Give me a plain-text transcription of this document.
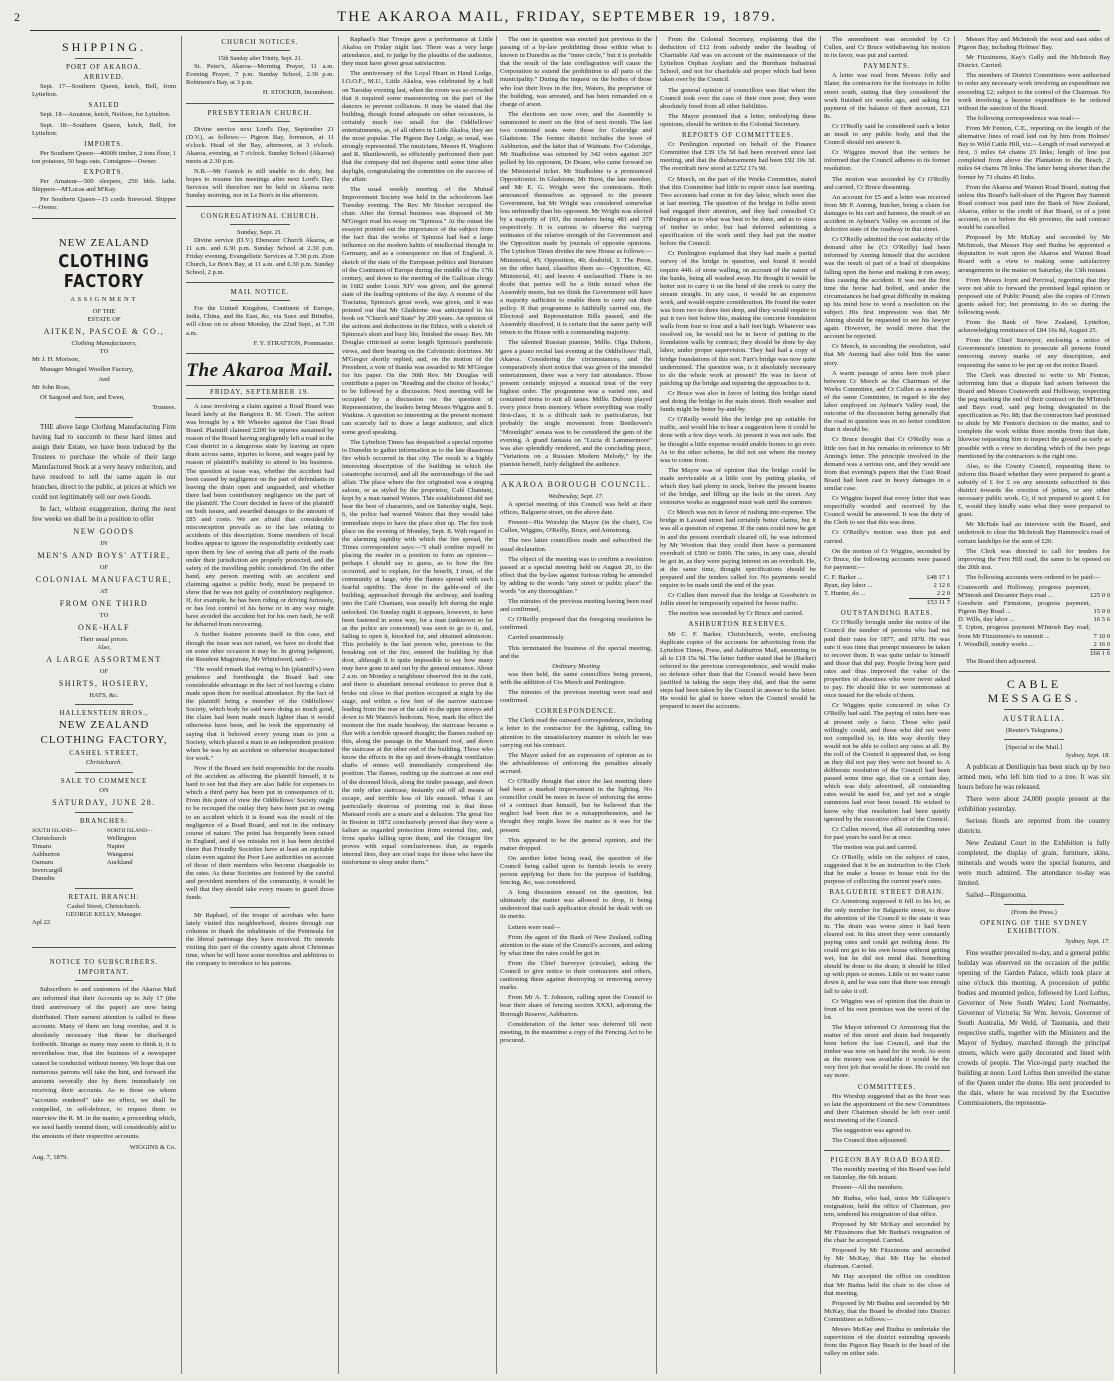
2	THE AKAROA MAIL, FRIDAY, SEPTEMBER 19, 1879.
SHIPPING.
PORT OF AKAROA.
ARRIVED.

Sept. 17—Southern Queen, ketch, Bell, from Lyttelton.

SAILED

Sept. 18—Amateur, ketch, Neilson, for Lyttelton.

Sept. 18—Southern Queen, ketch, Bell, for Lyttelton.

IMPORTS.

Per Southern Queen—4000ft timber, 2 tons flour, 1 ton potatoes, 50 bags oats. Consignee—Owner.

EXPORTS.

Per Amateur—500 sleepers, 250 bbls. laths. Shippers—M'Lucas and M'Kay.

Per Southern Queen—15 cords firewood. Shipper—Owner.

NEW ZEALAND
CLOTHING FACTORY
ASSIGNMENT
OF THE
ESTATE OF
AITKEN, PASCOE & CO.,
Clothing Manufacturers,
TO

Mr J. H. Morison,

Manager Mosgiel Woollen Factory,

And

Mr John Ross,

Of Sargood and Son, and Ewen,

Trustees.

THE above large Clothing Manufacturing Firm having had to succumb to these hard times and assign their Estate, we have been induced by the Trustees to purchase the whole of their large Manufactured Stock at a very heavy reduction, and have resolved to sell the same again in our branches, direct to the public, at prices at which we could not legitimately sell our own Goods.

In fact, without exaggeration, during the next few weeks we shall be in a position to offer

NEW GOODS
IN
MEN'S AND BOYS' ATTIRE,
OF
COLONIAL MANUFACTURE,
AT
FROM ONE THIRD
TO
ONE-HALF
Their usual prices.
Also,
A LARGE ASSORTMENT
OF
SHIRTS, HOSIERY,
HATS, &c.
HALLENSTEIN BROS.,
NEW ZEALAND
CLOTHING FACTORY,
CASHEL STREET,
Christchurch.
SALE TO COMMENCE
ON
SATURDAY, JUNE 28.
BRANCHES:
SOUTH ISLAND—
Christchurch
Timaru
Ashburton
Oamaru
Invercargill
Dunedin
NORTH ISLAND—
Wellington
Napier
Wanganui
Auckland
RETAIL BRANCH:
Cashel Street, Christchurch.
GEORGE KELLY, Manager.

Apl 22

NOTICE TO SUBSCRIBERS.
IMPORTANT.

Subscribers to and customers of the Akaroa Mail are informed that their Accounts up to July 17 (the third anniversary of the paper) are now being distributed. Their earnest attention is called to these accounts. Many of them are long overdue, and it is absolutely necessary that these be discharged forthwith. Strange as many may seem to think it, it is nevertheless true, that the business of a newspaper cannot be conducted without money. We hope that our numerous patrons will take the hint, and forward the amounts severally due by them immediately on receiving their accounts. As to those on whom "accounts rendered" take no effect, we shall be compelled, in self-defence, to request them to interview the R. M. in the matter, a proceeding which, we need hardly remind them, will considerably add to the amounts of their respective accounts.

WIGGINS & Co.

Aug. 7, 1879.

CHURCH NOTICES.
15th Sunday after Trinity, Sept. 21.

St. Peter's, Akaroa—Morning Prayer, 11 a.m. Evening Prayer, 7 p.m. Sunday School, 2.30 p.m. Robinson's Bay, at 3 p.m.

H. STOCKER, Incumbent.

PRESBYTERIAN CHURCH.

Divine service next Lord's Day, September 21 (D.V.), as follows:— Pigeon Bay, forenoon, at 11 o'clock. Head of the Bay, afternoon, at 3 o'clock. Akaroa, evening, at 7 o'clock. Sunday School (Akaroa) meets at 2.30 p.m.

N.B.—Mr Gunick is still unable to do duty, but hopes to resume his meetings after next Lord's Day. Services will therefore not be held in Akaroa next Sunday morning, nor in Le Bon's in the afternoon.

CONGREGATIONAL CHURCH.
Sunday, Sept. 21.

Divine service (D.V.) Ebenezer Church Akaroa, at 11 a.m. and 6.30 p.m. Sunday School at 2.30 p.m. Friday evening, Evangelistic Services at 7.30 p.m. Zion Church, Le Bon's Bay, at 11 a.m. and 6.30 p.m. Sunday School, 2 p.m.

MAIL NOTICE.

For the United Kingdom, Continent of Europe, India, China, and the East, &c, via Suez and Brindisi, will close on or about Monday, the 22nd Sept., at 7.30 a.m.

F. Y. STRATTON, Postmaster.

The Akaroa Mail.
FRIDAY, SEPTEMBER 19.

A case involving a claim against a Road Board was heard lately at the Rangiora R. M. Court. The action was brought by a Mr Wheeler against the Cust Road Board. Plaintiff claimed £200 for injuries sustained by reason of the Board having negligently left a road in the Cust district in a dangerous state by leaving an open drain across same, injuries to horse, and wages paid by reason of plaintiff's inability to attend to his business. The question at issue was, whether the accident had been caused by negligence on the part of defendants in leaving the drain open and unguarded, and whether there had been contributory negligence on the part of the plaintiff. The Court decided in favor of the plaintiff on both issues, and awarded damages to the amount of £85 and costs. We are afraid that considerable misconception prevails as to the law relating to accidents of this description. Some members of local bodies appear to ignore the responsibility evidently cast upon them by law of seeing that all parts of the roads under their jurisdiction are properly protected, and the safety of the travelling public considered. On the other hand, any person meeting with an accident and claiming against a public body, must be prepared to show that he was not guilty of contributory negligence. If, for example, he has been riding or driving furiously, or has lost control of his horse or in any way might have avoided the accident but for his own fault, he will be debarred from recovering.

A further feature presents itself in this case, and though the issue was not raised, we have no doubt that on some other occasion it may be. In giving judgment, the Resident Magistrate, Mr Whitefoord, said:—

"He would remark that owing to his (plaintiff's) own prudence and forethought the Board had one considerable advantage in the fact of not having a claim made upon them for medical attendance. By the fact of the plaintiff being a member of the Oddfellows' Society, which body he said were doing so much good, the claim had been made much lighter than it would otherwise have been, and he took the opportunity of saying that it behoved every young man to join a Society, which placed a man in an independent position when he was by an accident or otherwise incapacitated for work."

Now if the Board are held responsible for the results of the accident as affecting the plaintiff himself, it is hard to see but that they are also liable for expenses to which a third party has been put in consequence of it. From this point of view the Oddfellows' Society ought to be recouped the outlay they have been put to owing to an accident which it is found was the result of the negligence of a Road Board, and not in the ordinary course of nature. The point has frequently been raised in England, and if we mistake not it has been decided there that Friendly Societies have at least an equitable claim even against the Poor Law authorities on account of those of their members who become chargeable to the rates. As these Societies are fostered by the careful and provident members of the community, it would be well that they should take every means to guard those funds.

Mr Raphael, of the troupe of acrobats who have lately visited this neighborhood, desires through our columns to thank the inhabitants of the Peninsula for the liberal patronage they have received. He intends visiting this part of the country again about Christmas time, when he will have some novelties and additions to the company to introduce to his patrons.

Raphael's Star Troupe gave a performance at Little Akaloa on Friday night last. There was a very large attendance, and, to judge by the plaudits of the audience, they must have given great satisfaction.

The anniversary of the Loyal Heart in Hand Lodge, I.O.O.F., M.U., Little Akaloa, was celebrated by a ball on Tuesday evening last, when the room was so crowded that it required some manoeuvring on the part of the dancers to prevent collisions. It may be stated that the building, though found adequate on other occasions, is certainly much too small for the Oddfellows' entertainments, as, of all others in Little Akaloa, they are the most popular. The Pigeon Bay Lodge, as usual, was strongly represented. The musicians, Messrs H. Waghorn and R. Shuttleworth, so efficiently performed their part that the company did not disperse until some time after daylight, congratulating the committee on the success of the affair.

The usual weekly meeting of the Mutual Improvement Society was held in the schoolroom last Tuesday evening. The Rev. Mr Stocker occupied the chair. After the formal business was disposed of Mr M'Gregor read his essay on "Spinoza." At the outset the essayist pointed out the importance of the subject from the fact that the works of Spinoza had had a large influence on the modern habits of intellectual thought in Germany, and as a consequence on that of England. A sketch of the state of the European politics and literature of the Continent of Europe during the middle of the 17th century, and down to the meeting of the Gallican clergy in 1682 under Louis XIV was given, and the general state of the leading opinions of the day. A resume of the Tractatus, Spinoza's great work, was given, and it was pointed out that Mr Gladstone was anticipated in his book on "Church and State" by 200 years. An opinion of the actions and deductions in the Ethics, with a sketch of Spinoza's short and busy life, finished the essay. Rev. Mr Douglas criticised at some length Spinoza's pantheistic views, and their bearing on the Calvinistic doctrines. Mr M'Gregor shortly replied, and, on the motion of the President, a vote of thanks was awarded to Mr M'Gregor for his paper. On the 30th Rev. Mr Douglas will contribute a paper on "Reading and the choice of books," to be followed by a discussion. Next meeting will be occupied by a discussion on the question of Representation, the leaders being Messrs Wiggins and S. Watkins. A question so interesting at the present moment can scarcely fail to draw a large audience, and elicit some good speaking.

The Lyttelton Times has despatched a special reporter to Dunedin to gather information as to the late disastrous fire which occurred in that city. The result is a highly interesting description of the building in which the catastrophe occurred, and all the surroundings of the sad affair. The place where the fire originated was a singing saloon, or as styled by the proprietor, Café Chantant, kept by a man named Waters. This establishment did not bear the best of characters, and on Saturday night, Sept. 6, the police had warned Waters that they would take immediate steps to have the place shut up. The fire took place on the evening of Monday, Sept. 8. With regard to the alarming rapidity with which the fire spread, the Times correspondent says:—"I shall confine myself to placing the reader in a position to form an opinion—perhaps I should say to guess, as to how the fire occurred, and to explain, for the benefit, I trust, of the community at large, why the flames spread with such fearful rapidity. The door in the gable-end of the building, approached through the archway, and leading into the Café Chantant, was usually left during the night unlocked. On Sunday night it appears, however, to have been fastened in some way, for a man (unknown so far as the police are concerned) was seen to go to it, and, failing to open it, knocked for, and obtained admission. This probably is the last person who, previous to the breaking out of the fire, entered the building by that door, although it is quite impossible to say how many may have gone in and out by the general entrance. About 2 a.m. on Monday a neighbour observed fire in the café, and there is abundant internal evidence to prove that it broke out close to that portion occupied at night by the stage, and within a few feet of the narrow staircase leading from the rear of the café to the upper storeys and down to Mr Waters's bedroom. Now, mark the effect the moment the fire made headway, the staircase became a flue with a terrible upward draught; the flames rushed up this, along the passage in the Mansard roof, and down the staircase at the other end of the building. Those who know the effects in the up and down-draught ventilation shafts of mines will immediately comprehend the position. The flames, rushing up the staircase at one end of the doomed block, along the tinder passage, and down the only other staircase, instantly cut off all means of escape, and terrible loss of life ensued. What I am particularly desirous of pointing out is that these Mansard roofs are a snare and a delusion. The great fire in Boston in 1872 conclusively proved that they were a failure as regarded protection from external fire, and, from sparks falling upon them, and the Octagon fire proves with equal conclusiveness that, as regards internal fires, they are cruel traps for those who have the misfortune to sleep under them."

The one in question was erected just previous to the passing of a by-law prohibiting those within what is known in Dunedin as the "inner circle," but it is probable that the result of the late conflagration will cause the Corporation to extend the prohibition to all parts of the municipality." During the inquest on the bodies of those who lost their lives in the fire, Waters, the proprietor of the building, was arrested, and has been remanded on a charge of arson.

The elections are now over, and the Assembly is summoned to meet on the first of next month. The last two contested seats were those for Coleridge and Gladstone. The former district includes the town of Ashburton, and the latter that of Waimate. For Coleridge, Mr Studholme was returned by 342 votes against 207 polled by his opponent, Dr Deane, who came forward on the Ministerial ticket. Mr Studholme is a pronounced Oppositionist. In Gladstone, Mr Hurst, the late member, and Mr E. G. Wright were the contestants. Both announced themselves as opposed to the present Government, but Mr Wright was considered somewhat less unfriendly than his opponent. Mr Wright was elected by a majority of 103, the numbers being 481 and 378 respectively. It is curious to observe the varying estimates of the relative strength of the Government and the Opposition made by journals of opposite opinions. The Lyttelton Times divides the new House as follows:—Ministerial, 45; Opposition, 40; doubtful, 3. The Press, on the other hand, classifies them as:—Opposition, 42; Ministerial, 41; and leaves 4 unclassified. There is no doubt that parties will be a little mixed when the Assembly meets, but we think the Government will have a majority sufficient to enable them to carry out their policy. If that programme is faithfully carried out, the Electoral and Representation Bills passed, and the Assembly dissolved, it is certain that the same party will return to the House with a commanding majority.

The talented Russian pianiste, Mdlle. Olga Duboin, gave a piano recital last evening at the Oddfellows' Hall, Akaroa. Considering the circumstances, and the comparatively short notice that was given of the intended entertainment, there was a very fair attendance. Those present certainly enjoyed a musical treat of the very highest order. The programme was a varied one, and contained items to suit all tastes. Mdlle. Duboin played every piece from memory. Where everything was really first-class, it is a difficult task to particularize, but probably the single movement from Beethoven's "Moonlight" sonata was to be considered the gem of the evening. A grand fantasia on "Lucia di Lammermoor" was also splendidly rendered, and the concluding piece, "Variations on a Russian Modern Melody," by the pianiste herself, fairly delighted the audience.

AKAROA BOROUGH COUNCIL.
Wednesday, Sept. 17.

A special meeting of this Council was held at their offices, Balguerie street, on the above date.

Present—His Worship the Mayor (in the chair), Crs Cullen, Wiggins, O'Reilly, Bruce, and Armstrong.

The two latter councillors made and subscribed the usual declaration.

The object of the meeting was to confirm a resolution passed at a special meeting held on August 20, to the effect that the by-law against furious riding be amended by adding to the words "any street or public place" the words "or any thoroughfare."

The minutes of the previous meeting having been read and confirmed,

Cr O'Reilly proposed that the foregoing resolution be confirmed.

Carried unanimously.

This terminated the business of the special meeting, and the

Ordinary Meeting

was then held, the same councillors being present, with the addition of Crs Meech and Penlington.

The minutes of the previous meeting were read and confirmed.

CORRESPONDENCE.

The Clerk read the outward correspondence, including a letter to the contractor for the lighting, calling his attention to the unsatisfactory manner in which he was carrying out his contract.

The Mayor asked for an expression of opinion as to the advisableness of enforcing the penalties already accrued.

Cr O'Reilly thought that since the last meeting there had been a marked improvement in the lighting. No councillor could be more in favor of enforcing the terms of a contract than himself, but he believed that the neglect had been due to a misapprehension, and he thought they might leave the matter as it was for the present.

This appeared to be the general opinion, and the matter dropped.

On another letter being read, the question of the Council being called upon to furnish levels to every person applying for them for the purpose of building, fencing, &c, was considered.

A long discussion ensued on the question, but ultimately the matter was allowed to drop, it being understood that each application should be dealt with on its merits.

Letters were read—

From the agent of the Bank of New Zealand, calling attention to the state of the Council's account, and asking by what time the rates could be got in.

From the Chief Surveyor (circular), asking the Council to give notice to their contractors and others, cautioning them against destroying or removing survey marks.

From Mr A. T. Johnson, calling upon the Council to bear their share of fencing section XXXI, adjoining the Borough Reserve, Ashburton.

Consideration of the letter was deferred till next meeting, in the meantime a copy of the Fencing Act to be procured.

From the Colonial Secretary, explaining that the deduction of £12 from subsidy under the heading of Charitable Aid was on account of the maintenance of the Lyttelton Orphan Asylum and the Burnham Industrial School, and not for charitable aid proper which had been taken over by the Council.

The general opinion of councillors was that when the Council took over the care of their own poor, they were absolutely freed from all other liabilities.

The Mayor promised that a letter, embodying these opinions, should be written to the Colonial Secretary.

REPORTS OF COMMITTEES.

Cr Penlington reported on behalf of the Finance Committee that £39 15s 5d had been received since last meeting, and that the disbursements had been £92 10s 3d. The overdraft now stood at £252 17s 9d.

Cr Meech, on the part of the Works Committee, stated that this Committee had little to report since last meeting. Two accounts had come in for day labor, which were due at last meeting. The question of the bridge in Jollie street had engaged their attention, and they had consulted Cr Penlington as to what was best to be done, and as to sizes of timber to order, but had deferred submitting a specification of the work until they had put the matter before the Council.

Cr Penlington explained that they had made a partial survey of the bridge in question, and found it would require 44ft. of stone walling, on account of the nature of the banks, being all washed away. He thought it would be better not to carry it on the bend of the creek to carry the stream straight. In any case, it would be an expensive work, and would require consideration. He found the water was from two to three feet deep, and they would require to put it two feet below this, making the concrete foundation walls from four to four and a half feet high. Whatever was resolved on, he would not be in favor of putting in the foundation walls by contract; they should be done by day labor, under proper supervision. They had had a copy of bridge foundations of this sort. Farr's bridge was now quite undermined. The question was, is it absolutely necessary to do the whole work at present? He was in favor of patching up the bridge and repairing the approaches to it.

Cr Bruce was also in favor of letting this bridge stand and doing the bridge in the main street. Both weather and funds might be better by-and-by.

Cr O'Reilly would like the bridge put up suitable for traffic, and would like to hear a suggestion how it could be done with a few days work. At present it was not safe. But he thought a little expense would enable horses to go over. As to the other scheme, he did not see where the money was to come from.

The Mayor was of opinion that the bridge could be made serviceable at a little cost by putting planks, of which they had plenty in stock, before the present beams of the bridge, and filling up the hole in the street. Any extensive works as suggested must wait until the summer.

Cr Meech was not in favor of rushing into expense. The bridge in Lavaud street had certainly better claims, but it was all a question of expense. If the rates could now be got in and the present overdraft cleared off, he was informed by Mr Wootton that they could then have a permanent overdraft of £500 or £600. The rates, in any case, should be got in, as they were paying interest on an overdraft. He, at the same time, thought specifications should be prepared and the tenders called for. No payments would require to be made until the end of the year.

Cr Cullen then moved that the bridge at Goodwin's in Jollie street be temporarily repaired for horse traffic.

The motion was seconded by Cr Bruce and carried.

ASHBURTON RESERVES.

Mr C. F. Barker, Christchurch, wrote, enclosing duplicate copies of the accounts for advertising from the Lyttelton Times, Press, and Ashburton Mail, amounting in all to £18 15s 9d. The letter further stated that he (Barker) referred to the previous correspondence, and would make no defence other than that the Council would have been justified in taking the steps they did, and that the same steps had been taken by the Council in answer to the letter. He would be glad to know when the Council would be prepared to meet the accounts.

The amendment was seconded by Cr Cullen, and Cr Bruce withdrawing his motion in its favor, was put and carried.

PAYMENTS.

A letter was read from Messrs Jolly and Slater, the contractors for the footways in Jollie street south, stating that they considered the work finished six weeks ago, and asking for payment of the balance of their account, £21 8s.

Cr O'Reilly said he considered such a letter an insult to any public body, and that the Council should not answer it.

Cr Wiggins moved that the writers be informed that the Council adheres to its former resolution.

The motion was seconded by Cr O'Reilly and carried, Cr Bruce dissenting.

An account for £5 and a letter was received from Mr P. Anning, butcher, being a claim for damages to his cart and harness, the result of an accident in Aylmer's Valley on account of the defective state of the roadway in that street.

Cr O'Reilly admitted the cost audacity of the demand after he (Cr O'Reilly) had been informed by Anning himself that the accident was the result of part of a load of sheepskins falling upon the horse and making it run away, thus causing the accident. It was not the first time the horse had bolted, and under the circumstances he had great difficulty in making up his mind how to word a resolution on the subject. His first impression was that Mr Anning should be requested to see his lawyer again. However, he would move that the account be rejected.

Cr Meech, in seconding the resolution, said that Mr Anning had also told him the same story.

A warm passage of arms here took place between Cr Meech as the Chairman of the Works Committee, and Cr Cullen as a member of the same Committee, in regard to the day labor employed on Aylmer's Valley road, the outcome of the discussion being generally that the road in question was in no better condition than it should be.

Cr Bruce thought that Cr O'Reilly was a little too fast in his remarks in reference to Mr Anning's letter. The principle involved in the demand was a serious one, and they would see from that evening's papers that the Cust Road Board had been cast in heavy damages in a similar case.

Cr Wiggins hoped that every letter that was respectfully worded and received by the Council would be answered. It was the duty of the Clerk to see that this was done.

Cr O'Reilly's motion was then put and carried.

On the motion of Cr Wiggins, seconded by Cr Bruce, the following accounts were passed for payment:—

C. F. Barker ...	£48 17 1
Ryan, day labor ...	2 12 6
T. Hunter, do ...	2 2 0
	£53 11 7
OUTSTANDING RATES.

Cr O'Reilly brought under the notice of the Council the number of persons who had not paid their rates for 1877, and 1878. He was sure it was time that prompt measures be taken to recover them. It was quite unfair to himself and those that did pay. People living here paid rates and thus improved the value of the properties of absentees who were never asked to pay. He should like to see summonses at once issued for the whole of them.

Cr Wiggins quite concurred in what Cr O'Reilly had said. The paying of rates here was at present only a farce. Those who paid willingly could, and those who did not were not compelled to, in this way shortly they would not be able to collect any rates at all. By the roll of the Council it appeared that, so long as they did not pay they were not bound to. A deliberate resolution of the Council had been passed some time ago, that on a certain day, which was duly advertised, all outstanding rates would be sued for, and yet not a single summons had ever been issued. He wished to know why that resolution had been quietly ignored by the executive officer of the Council.

Cr Cullen moved, that all outstanding rates for past years be sued for at once.

The motion was put and carried.

Cr O'Reilly, while on the subject of rates, suggested that it be an instruction to the Clerk that he make a house to house visit for the purpose of collecting the current year's rates.

BALGUERIE STREET DRAIN.

Cr Armstrong supposed it fell to his lot, as the only member for Balguerie street, to draw the attention of the Council to the state it was in. The drain was worse since it had been cleared out. In this street they were constantly paying rates and could get nothing done. He could not get to his own house without getting wet, but he did not mind that. Something should be done to the drain; it should be filled up with pipes or stones. Little or no water came down it, and he was sure that there was enough fall to take it off.

Cr Wiggins was of opinion that the drain in front of his own premises was the worst of the lot.

The Mayor informed Cr Armstrong that the matter of this street and drain had frequently been before the last Council, and that the timber was now on hand for the work. As soon as the money was available it would be the very first job that would be done. He could not say more.

COMMITTEES.

His Worship suggested that as the hour was so late the appointment of the new Committees and their Chairmen should be left over until next meeting of the Council.

The suggestion was agreed to.

The Council then adjourned.

PIGEON BAY ROAD BOARD.

The monthly meeting of this Board was held on Saturday, the 6th instant.

Present—All the members.

Mr Budna, who had, since Mr Gillespie's resignation, held the office of Chairman, pro tem, tendered his resignation of that office.

Proposed by Mr McKay and seconded by Mr Fitzsimons that Mr Budna's resignation of the chair be accepted. Carried.

Proposed by Mr Fitzsimons and seconded by Mr McKay, that Mr Hay be elected chairman. Carried.

Mr Hay accepted the office on condition that Mr Budna held the chair to the close of that meeting.

Proposed by Mr Budna and seconded by Mr McKay, that the Board be divided into District Committees as follows:—

Messrs McKay and Budna to undertake the supervision of the district extending upwards from the Pigeon Bay Beach to the head of the valley on either side.

Messrs Hay and McIntosh the west and east sides of Pigeon Bay, including Holmes' Bay.

Mr Fitzsimons, Kay's Gully and the McIntosh Bay District. Carried.

The members of District Committees were authorised to order any necessary work involving an expenditure not exceeding £2; subject to the control of the Chairman. No work involving a heavier expenditure to be ordered without the sanction of the Board.

The following correspondence was read:—

From Mr Fenton, C.E., reporting on the length of the alternative lines of road laid out by him from Holmes' Bay to Wild Cattle Hill, viz.—Length of road surveyed at first, 3 miles 64 chains 23 links; length of line just completed from above the Plantation to the Beach, 2 miles 64 chains 78 links. The latter being shorter than the former by 73 chains 45 links.

From the Akaroa and Wainui Road Board, stating that unless this Board's half-share of the Pigeon Bay Summit Road contract was paid into the Bank of New Zealand, Akaroa, either to the credit of that Board, or of a joint account, on or before the 4th proximo, the said contract would be cancelled.

Proposed by Mr McKay and seconded by Mr McIntosh, that Messrs Hay and Budna be appointed a deputation to wait upon the Akaroa and Wainui Road Board with a view to making some satisfactory arrangements in the matter on Saturday, the 13th instant.

From Messrs Joynt and Percival, regretting that they were not able to forward the promised legal opinion or proposed site of Public Pound; also the copies of Crown grants asked for; but promising to do so during the following week.

From the Bank of New Zealand, Lyttelton, acknowledging remittance of £84 16s 8d, August 25.

From the Chief Surveyor, enclosing a notice of Government's intention to prosecute all persons found removing survey marks of any description, and requesting the same to be put up on the notice Board.

The Clerk was directed to write to Mr Fenton, informing him that a dispute had arisen between the Board and Messrs Coatsworth and Holloway, respecting the peg marking the end of their contract on the M'Intosh and Bays road, said peg being designated in the specification as No. 88; that the contractors had promised to abide by Mr Fenton's decision in the matter, and to complete the work within three months from that date, likewise requesting him to inspect the ground as early as possible with a view to deciding which of the two pegs mentioned by the contractors is the right one.

Also, to the County Council, requesting them to inform this Board whether they were prepared to grant a subsidy of £ for £ on any amounts subscribed in this district towards the erection of jetties, or any other necessary public work. Cr, if not prepared to grant £ for £, would they kindly state what they were prepared to grant.

Mr McHale had an interview with the Board, and undertook to clear the McIntosh Bay Hammock's road of certain landslips for the sum of £20.

The Clerk was directed to call for tenders for improving the Fern Hill road, the same to be opened on the 20th inst.

The following accounts were ordered to be paid:—

Coatsworth and Holloway, progress payment, M'Intosh and Decanter Bays road ...	£25 0 0
Goodwin and Firmstone, progress payment, Pigeon Bay Road ...	15 0 0
D. Wills, day labor ...	16 5 6
T. Upton, progress payment M'Intosh Bay road, from Mr Fitzsimons's to summit ...	7 10 0
J. Woodhill, sundry works ...	2 16 0
	£66 1 6

The Board then adjourned.

CABLE MESSAGES.
AUSTRALIA.
(Reuter's Telegrams.)
[Special to the Mail.]

Sydney, Sept. 18.

A publican at Deniliquin has been stuck up by two armed men, who left him tied to a tree. It was six hours before he was released.

There were about 24,000 people present at the exhibition yesterday.

Serious floods are reported from the country districts.

New Zealand Court in the Exhibition is fully completed, the display of grain, furniture, skins, minerals and woods were the special features, and were much admired. The attendance to-day was limited.

Sailed—Ringarooma.

(From the Press.)
OPENING OF THE SYDNEY EXHIBITION.

Sydney, Sept. 17.

Fine weather prevailed to-day, and a general public holiday was observed on the occasion of the public opening of the Garden Palace, which took place at nine o'clock this morning. A procession of public bodies and mounted police, followed by Lord Loftus, Governor of New South Wales; Lord Normanby, Governor of Victoria; Sir Wm. Jervois, Governor of South Australia, Mr Weld, of Tasmania, and their respective staffs, together with the Ministers and the Mayor of Sydney, marched through the principal streets, which were gaily decorated and lined with crowds of people. The Vice-regal party reached the building at noon. Lord Loftus then unveiled the statue of the Queen under the dome. His next proceeded to the dais, where he was received by the Executive Commissioners, the representa-
